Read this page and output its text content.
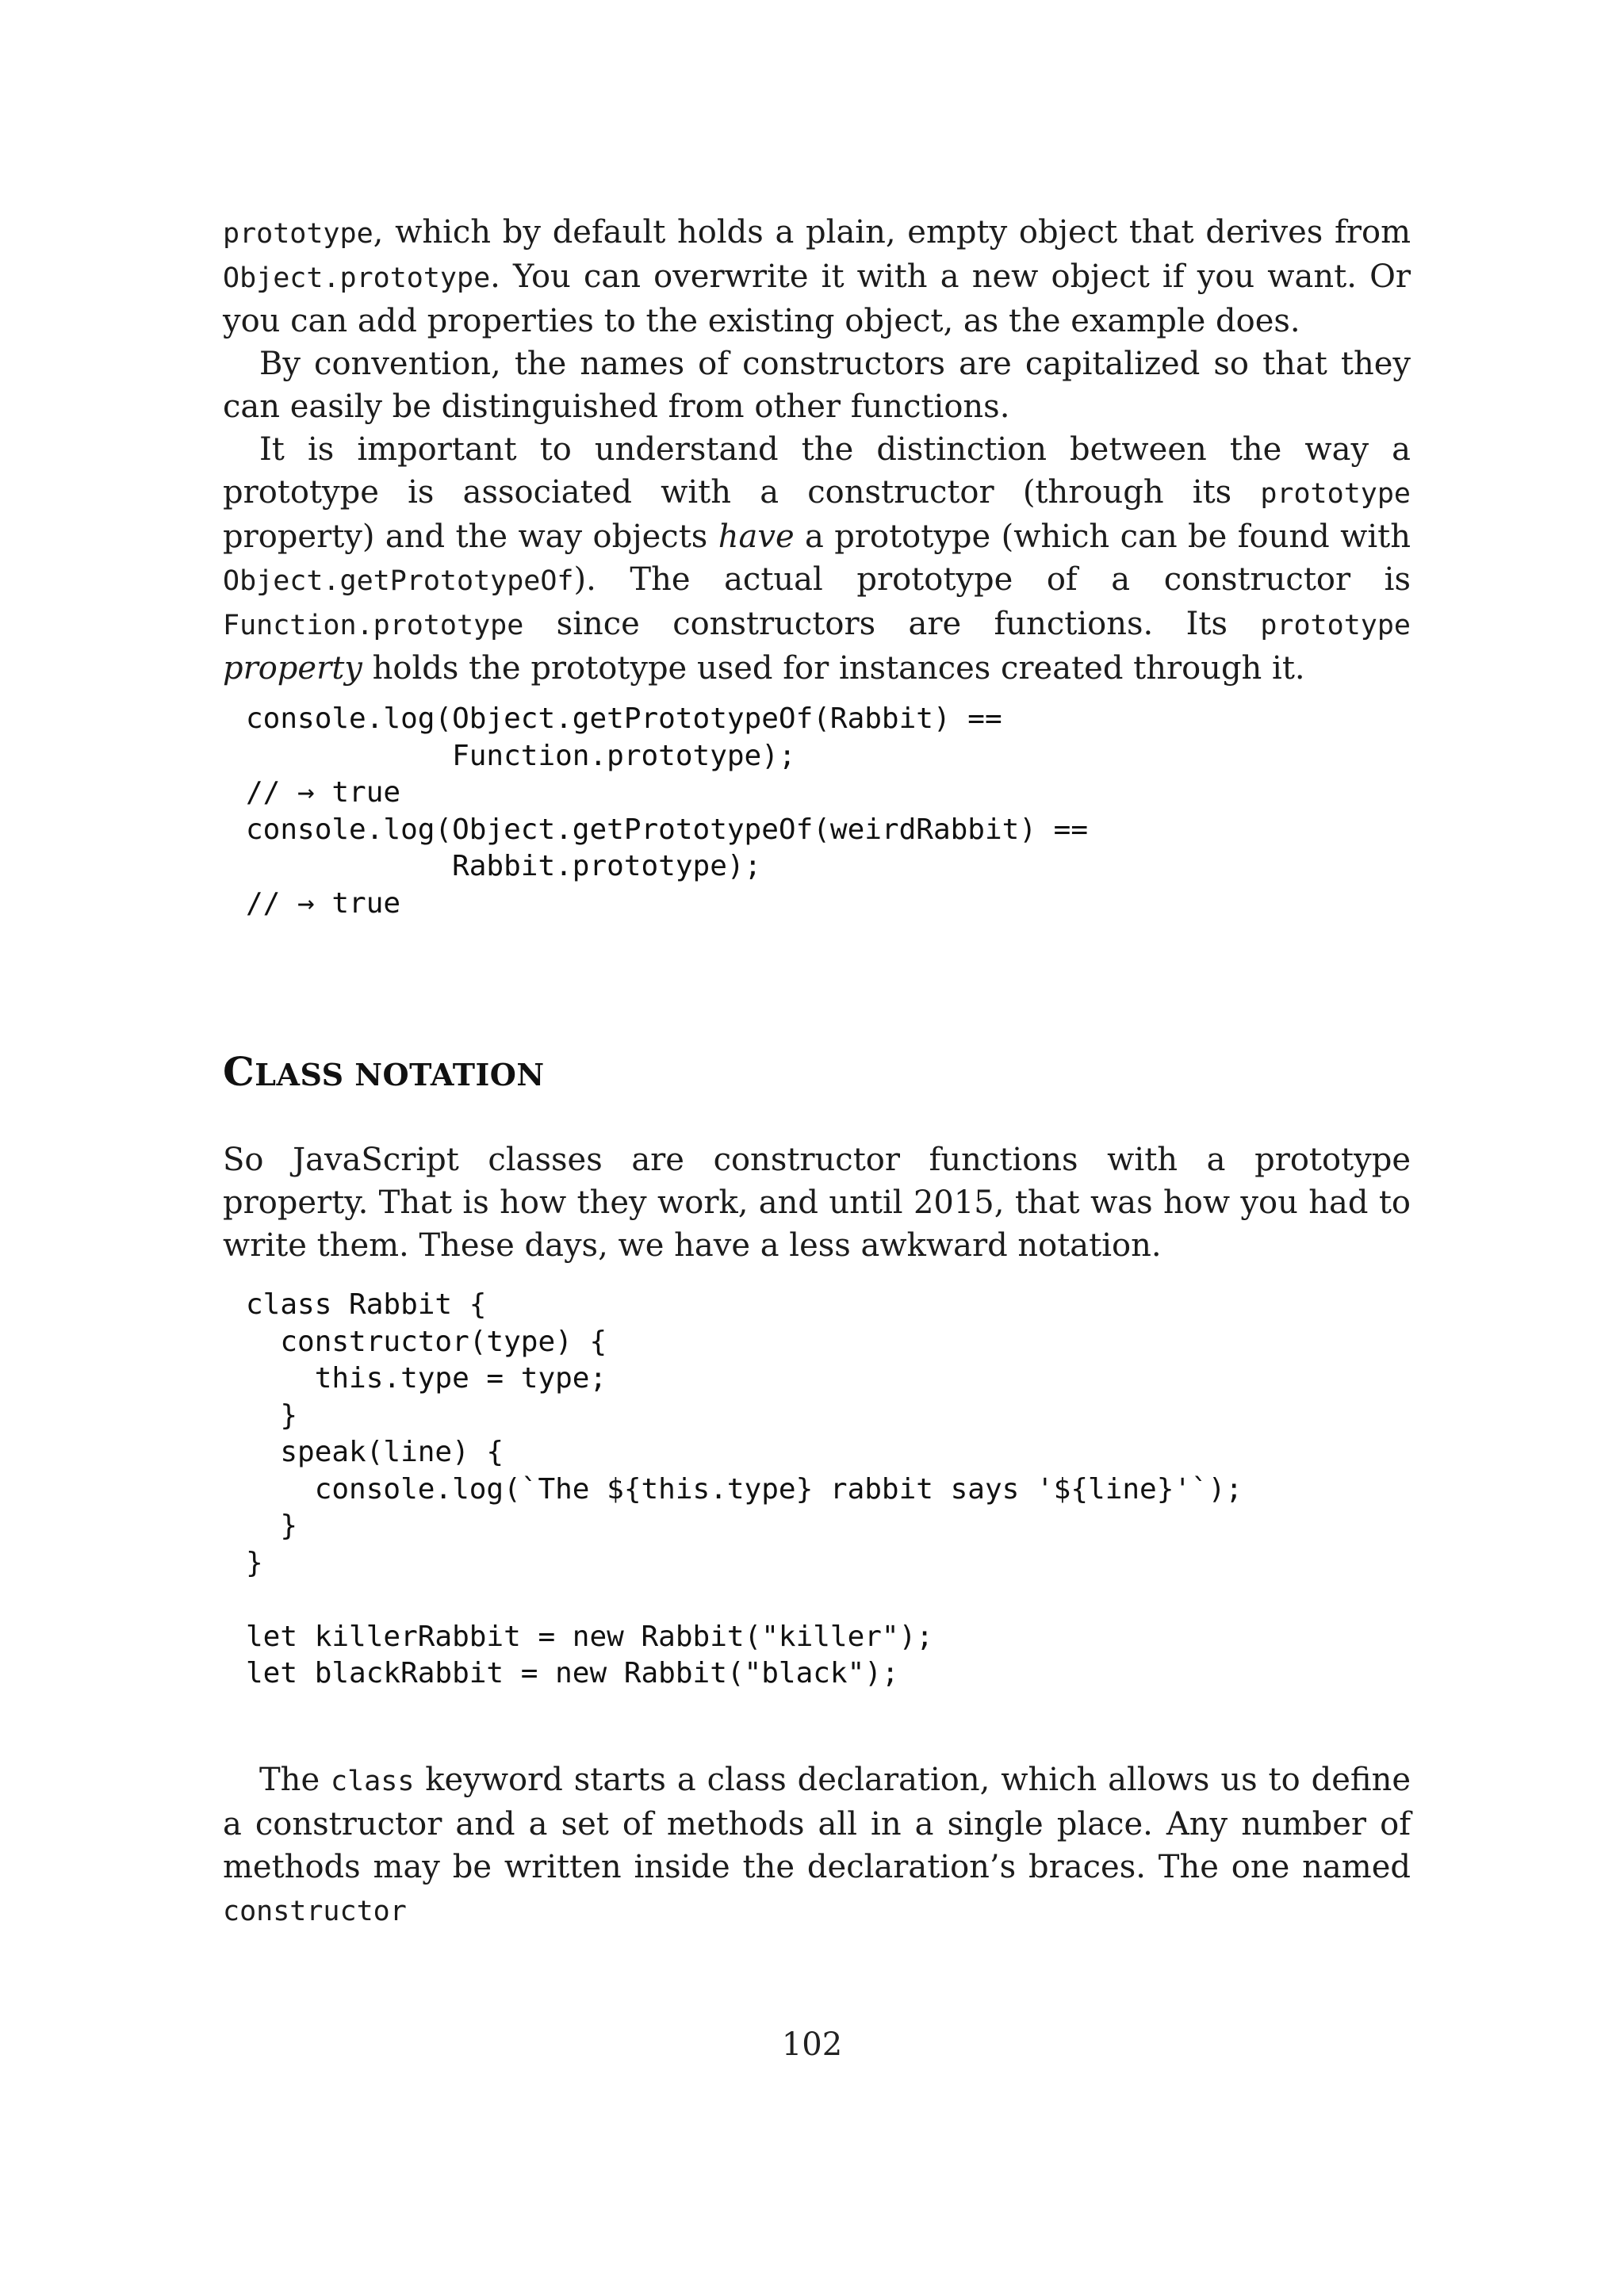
prototype, which by default holds a plain, empty object that derives from Object.prototype. You can overwrite it with a new object if you want. Or you can add properties to the existing object, as the example does.

By convention, the names of constructors are capitalized so that they can easily be distinguished from other functions.

It is important to understand the distinction between the way a prototype is associated with a constructor (through its prototype property) and the way objects have a prototype (which can be found with Object.getPrototypeOf). The actual prototype of a constructor is Function.prototype since constructors are functions. Its prototype property holds the prototype used for instances created through it.

console.log(Object.getPrototypeOf(Rabbit) ==
Function.prototype);
// → true
console.log(Object.getPrototypeOf(weirdRabbit) ==
Rabbit.prototype);
// → true
CLASS NOTATION

So JavaScript classes are constructor functions with a prototype property. That is how they work, and until 2015, that was how you had to write them. These days, we have a less awkward notation.

class Rabbit {
constructor(type) {
this.type = type;
}
speak(line) {
console.log(`The ${this.type} rabbit says '${line}'`);
}
}

let killerRabbit = new Rabbit("killer");
let blackRabbit = new Rabbit("black");

The class keyword starts a class declaration, which allows us to define a constructor and a set of methods all in a single place. Any number of methods may be written inside the declaration’s braces. The one named constructor

102
